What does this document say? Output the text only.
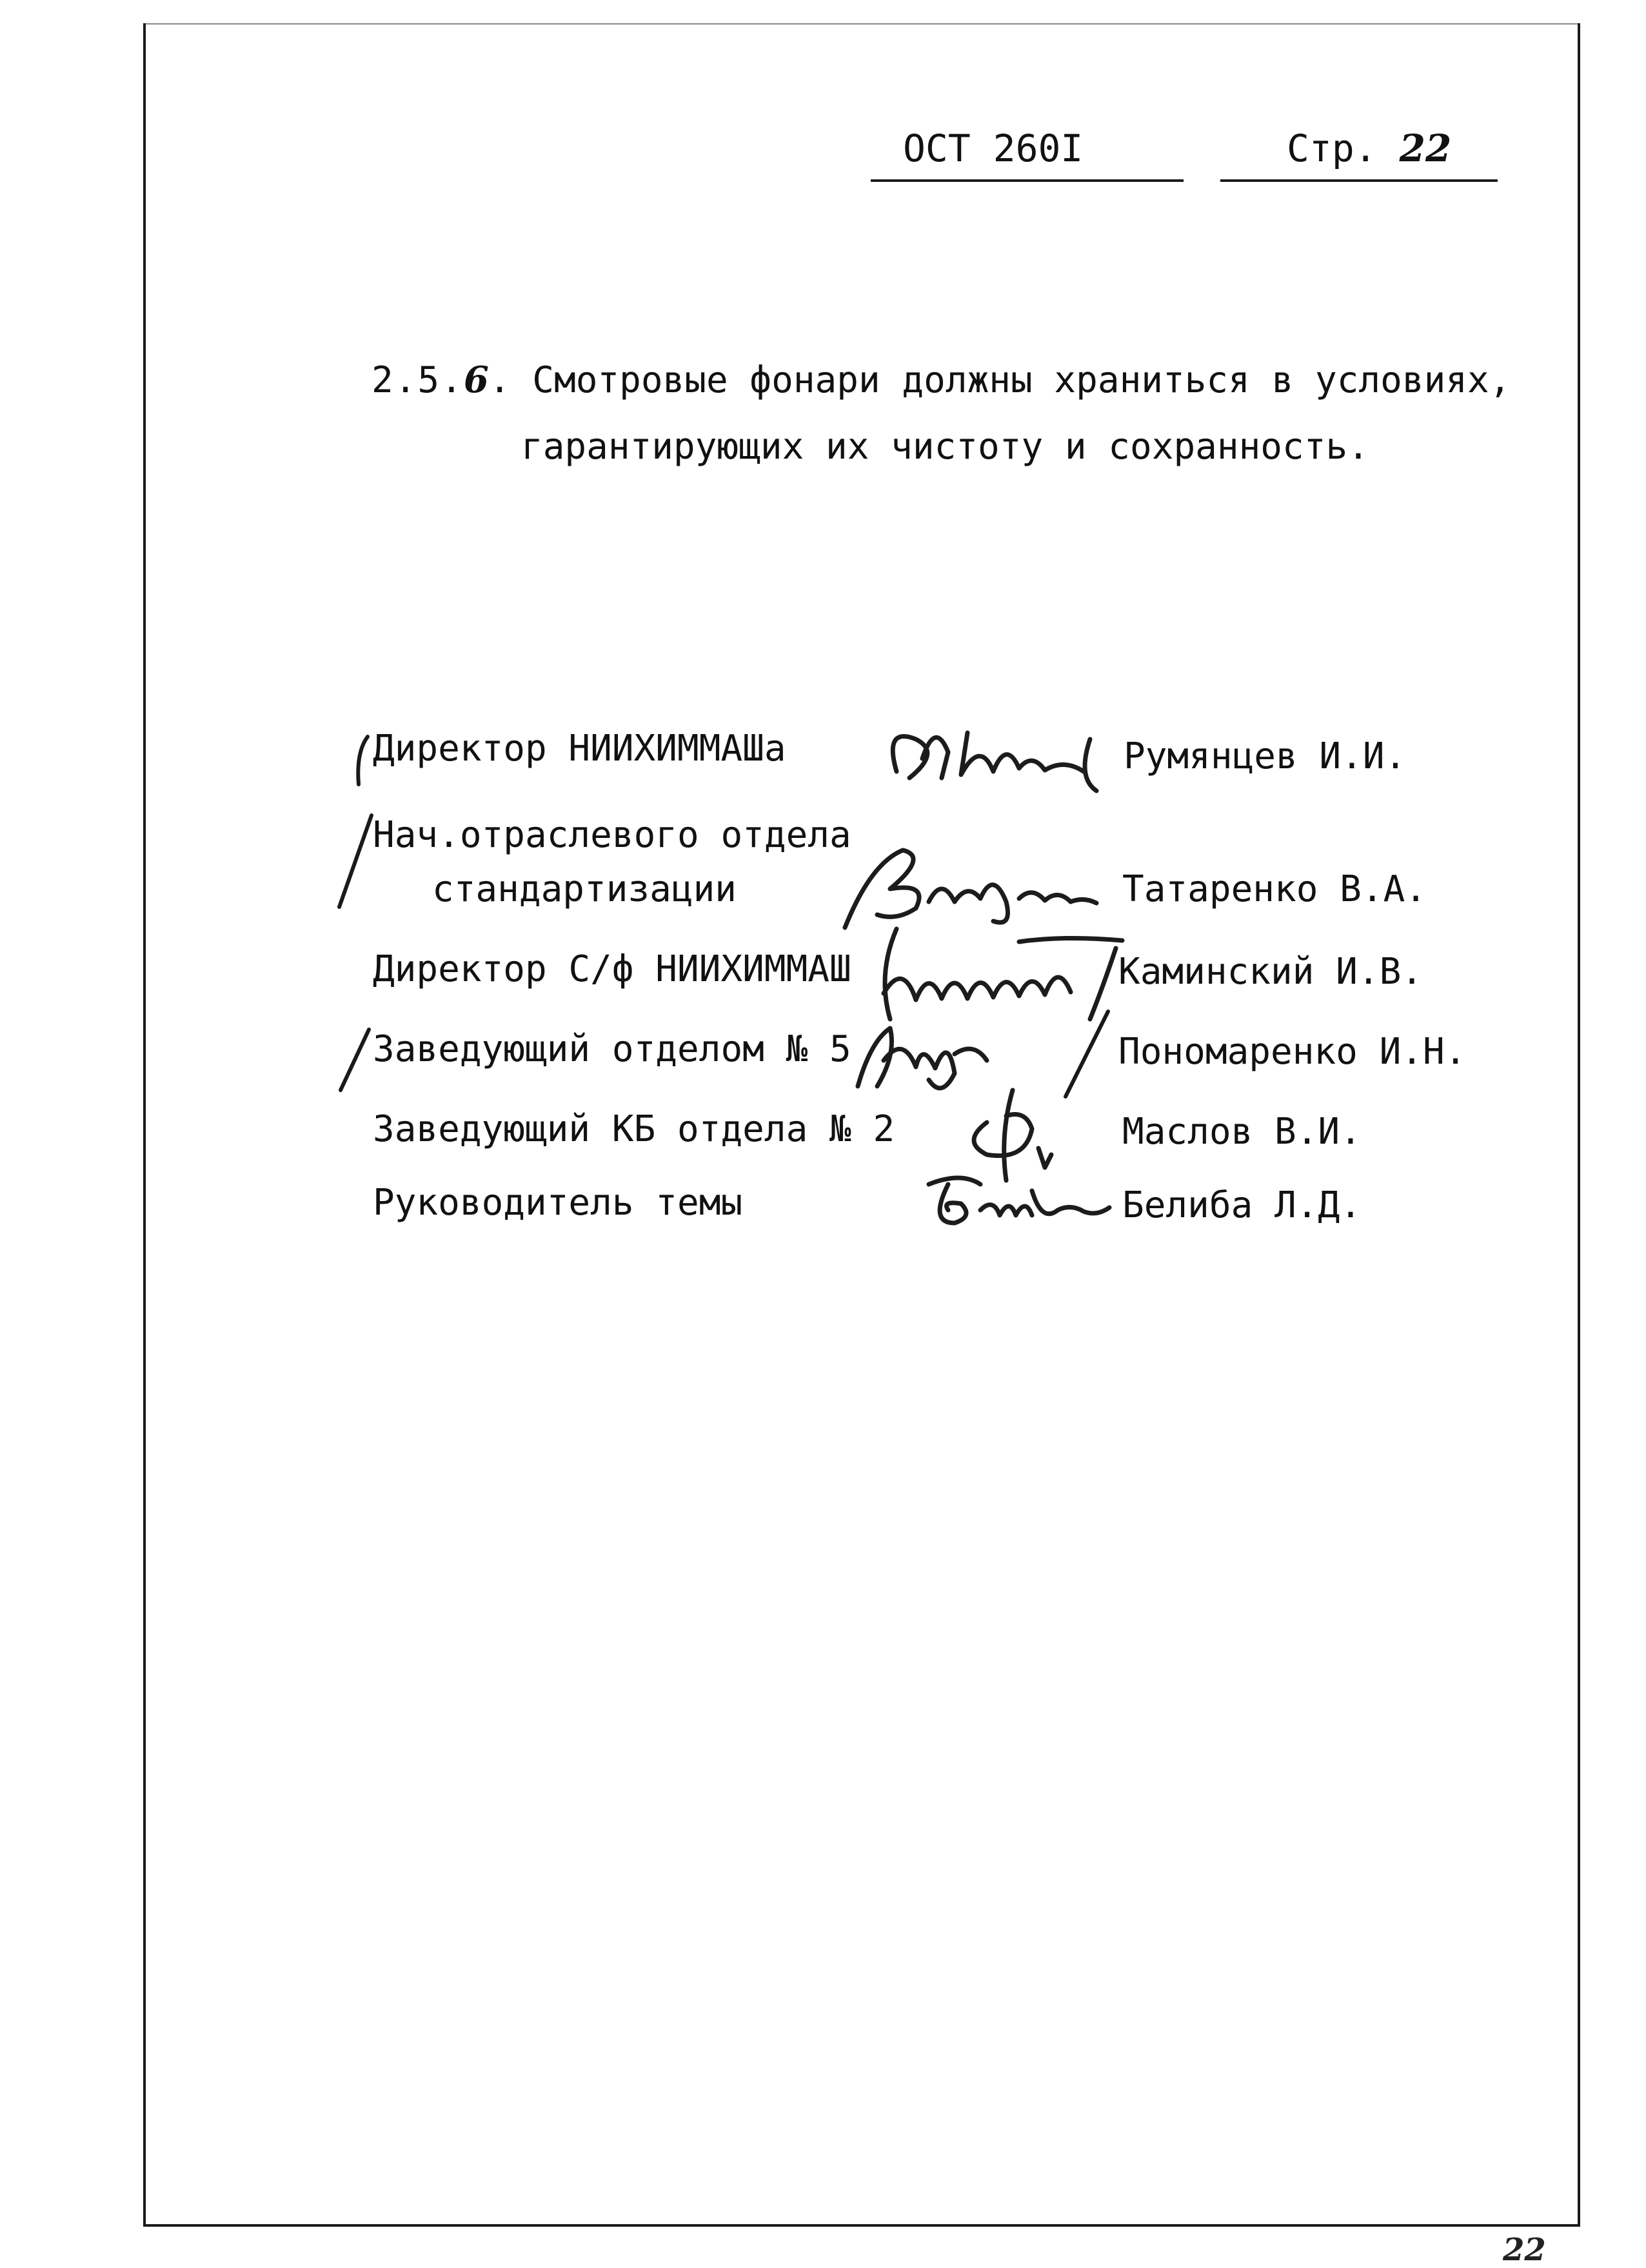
ОСТ 260I	Стр. 22
2.5.6. Смотровые фонари должны храниться в условиях,
гарантирующих их чистоту и сохранность.
Директор НИИХИММАШа
Нач.отраслевого отдела
стандартизации
Директор С/ф НИИХИММАШ
Заведующий отделом № 5
Заведующий КБ отдела № 2
Руководитель темы
Румянцев И.И.
Татаренко В.А.
Каминский И.В.
Пономаренко И.Н.
Маслов В.И.
Белиба Л.Д.
22
